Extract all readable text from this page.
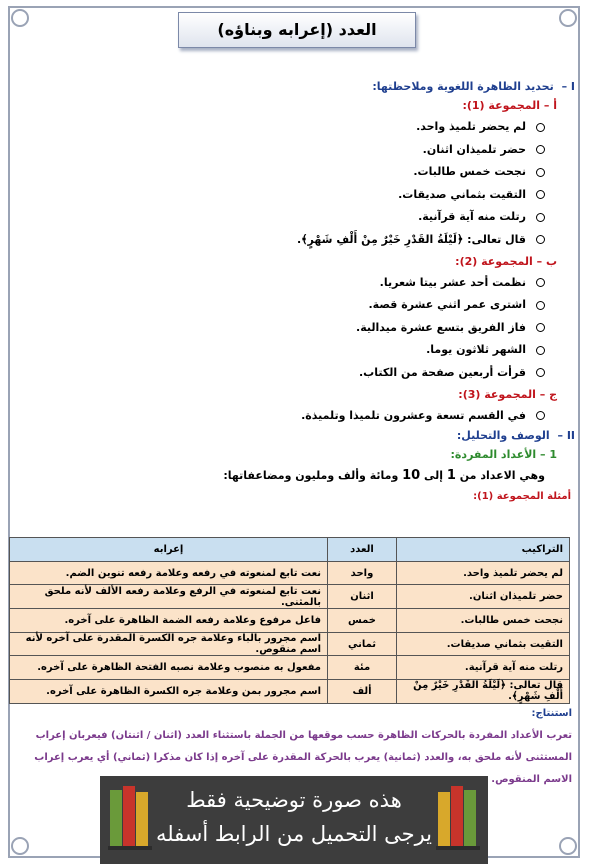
العدد (إعرابه وبناؤه)
I – تحديد الظاهرة اللغوية وملاحظتها:
أ – المجموعة (1):
لم يحضر تلميذ واحد.
حضر تلميذان اثنان.
نجحت خمس طالبات.
التقيت بثماني صديقات.
رتلت منه آية قرآنية.
قال تعالى: ﴿لَيْلَةُ القَدْرِ خَيْرٌ مِنْ أَلْفِ شَهْرٍ﴾.
ب – المجموعة (2):
نظمت أحد عشر بيتا شعريا.
اشترى عمر اثني عشرة قصة.
فاز الفريق بتسع عشرة ميدالية.
الشهر ثلاثون يوما.
قرأت أربعين صفحة من الكتاب.
ج – المجموعة (3):
في القسم تسعة وعشرون تلميذا وتلميذة.
II – الوصف والتحليل:
1 – الأعداد المفردة:
وهي الاعداد من 1 إلى 10 ومائة وألف ومليون ومضاعفاتها:
أمثلة المجموعة (1):
التراكيب	العدد	إعرابه
لم يحضر تلميذ واحد.	واحد	نعت تابع لمنعوته في رفعه وعلامة رفعه تنوين الضم.
حضر تلميذان اثنان.	اثنان	نعت تابع لمنعوته في الرفع وعلامة رفعه الألف لأنه ملحق بالمثنى.
نجحت خمس طالبات.	خمس	فاعل مرفوع وعلامة رفعه الضمة الظاهرة على آخره.
التقيت بثماني صديقات.	ثماني	اسم مجرور بالباء وعلامة جره الكسرة المقدرة على آخره لأنه اسم منقوص.
رتلت منه آية قرآنية.	مئة	مفعول به منصوب وعلامة نصبه الفتحة الظاهرة على آخره.
قال تعالى: ﴿لَيْلَةُ القَدْرِ خَيْرٌ مِنْ أَلْفِ شَهْرٍ﴾.	ألف	اسم مجرور بمن وعلامة جره الكسرة الظاهرة على آخره.
استنتاج:
تعرب الأعداد المفردة بالحركات الظاهرة حسب موقعها من الجملة باستثناء العدد (اثنان / اثنتان) فيعربان إعراب المستثنى لأنه ملحق به، والعدد (ثمانية) يعرب بالحركة المقدرة على آخره إذا كان مذكرا (ثماني) أي يعرب إعراب الاسم المنقوص.
هذه صورة توضيحية فقط
يرجى التحميل من الرابط أسفله
